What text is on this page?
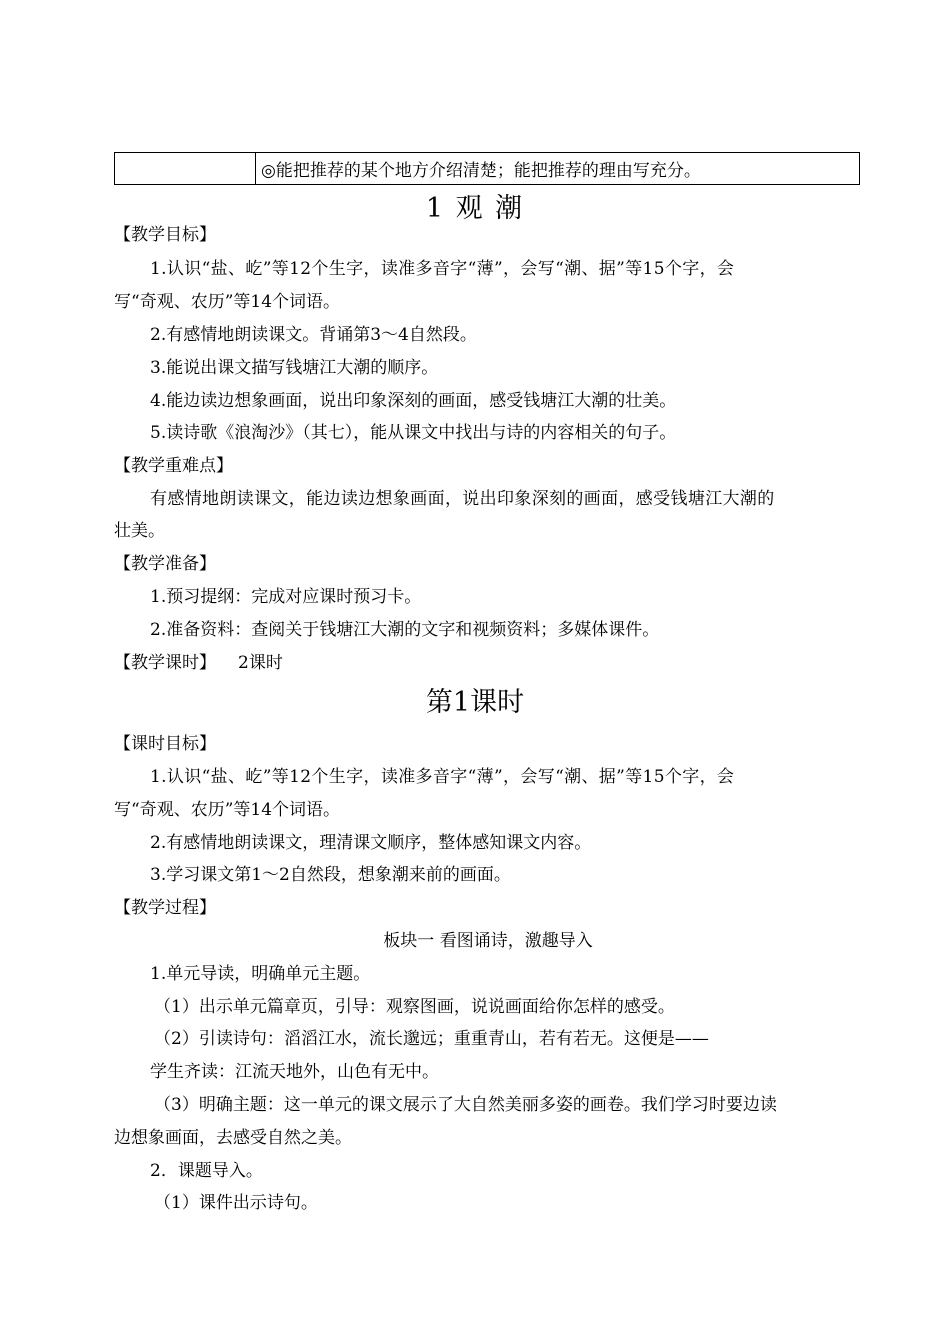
	◎能把推荐的某个地方介绍清楚；能把推荐的理由写充分。
1 观 潮
【教学目标】
1.认识“盐、屹”等12个生字，读准多音字“薄”，会写“潮、据”等15个字，会
写“奇观、农历”等14个词语。
2.有感情地朗读课文。背诵第3～4自然段。
3.能说出课文描写钱塘江大潮的顺序。
4.能边读边想象画面，说出印象深刻的画面，感受钱塘江大潮的壮美。
5.读诗歌《浪淘沙》（其七），能从课文中找出与诗的内容相关的句子。
【教学重难点】
有感情地朗读课文，能边读边想象画面，说出印象深刻的画面，感受钱塘江大潮的
壮美。
【教学准备】
1.预习提纲：完成对应课时预习卡。
2.准备资料：查阅关于钱塘江大潮的文字和视频资料；多媒体课件。
【教学课时】 2课时
第1课时
【课时目标】
1.认识“盐、屹”等12个生字，读准多音字“薄”，会写“潮、据”等15个字，会
写“奇观、农历”等14个词语。
2.有感情地朗读课文，理清课文顺序，整体感知课文内容。
3.学习课文第1～2自然段，想象潮来前的画面。
【教学过程】
板块一 看图诵诗，激趣导入
1.单元导读，明确单元主题。
（1）出示单元篇章页，引导：观察图画，说说画面给你怎样的感受。
（2）引读诗句：滔滔江水，流长邈远；重重青山，若有若无。这便是——
学生齐读：江流天地外，山色有无中。
（3）明确主题：这一单元的课文展示了大自然美丽多姿的画卷。我们学习时要边读
边想象画面，去感受自然之美。
2．课题导入。
（1）课件出示诗句。
